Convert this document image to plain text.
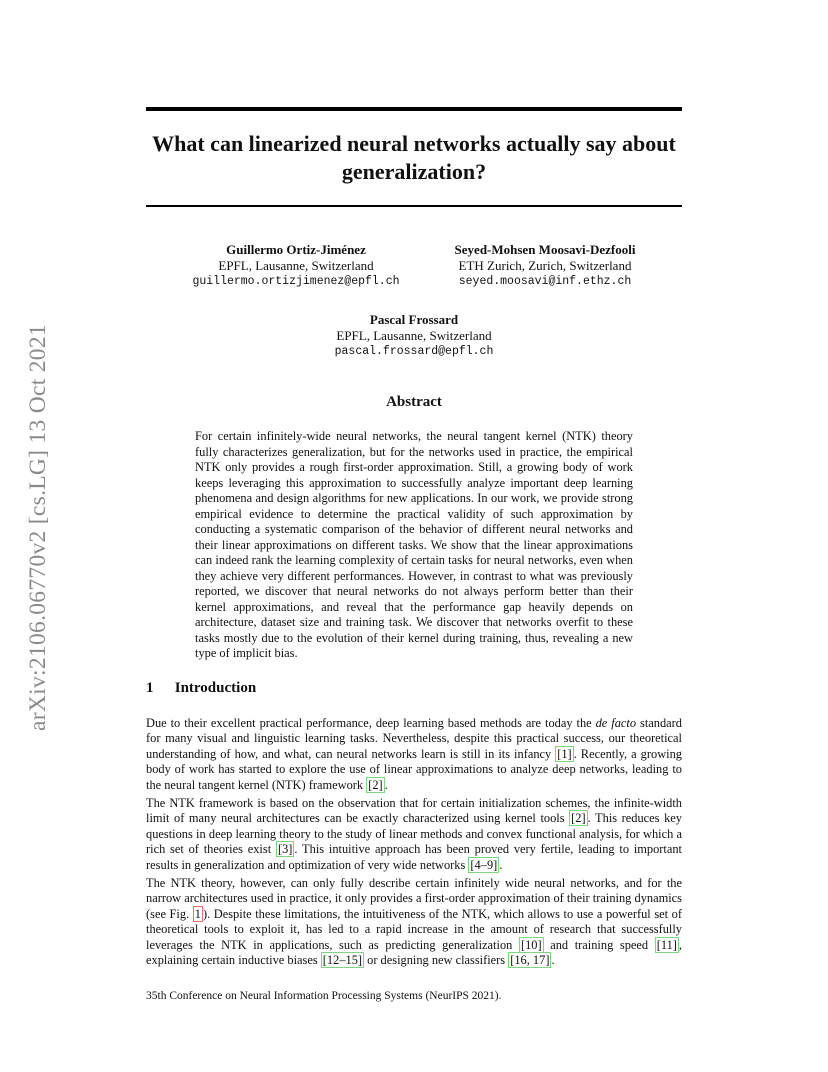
arXiv:2106.06770v2 [cs.LG] 13 Oct 2021
What can linearized neural networks actually say about generalization?
Guillermo Ortiz-Jiménez
EPFL, Lausanne, Switzerland
guillermo.ortizjimenez@epfl.ch
Seyed-Mohsen Moosavi-Dezfooli
ETH Zurich, Zurich, Switzerland
seyed.moosavi@inf.ethz.ch
Pascal Frossard
EPFL, Lausanne, Switzerland
pascal.frossard@epfl.ch
Abstract
For certain infinitely-wide neural networks, the neural tangent kernel (NTK) theory fully characterizes generalization, but for the networks used in practice, the empirical NTK only provides a rough first-order approximation. Still, a growing body of work keeps leveraging this approximation to successfully analyze important deep learning phenomena and design algorithms for new applications. In our work, we provide strong empirical evidence to determine the practical validity of such approximation by conducting a systematic comparison of the behavior of different neural networks and their linear approximations on different tasks. We show that the linear approximations can indeed rank the learning complexity of certain tasks for neural networks, even when they achieve very different performances. However, in contrast to what was previously reported, we discover that neural networks do not always perform better than their kernel approximations, and reveal that the performance gap heavily depends on architecture, dataset size and training task. We discover that networks overfit to these tasks mostly due to the evolution of their kernel during training, thus, revealing a new type of implicit bias.
1 Introduction
Due to their excellent practical performance, deep learning based methods are today the de facto standard for many visual and linguistic learning tasks. Nevertheless, despite this practical success, our theoretical understanding of how, and what, can neural networks learn is still in its infancy [1] . Recently, a growing body of work has started to explore the use of linear approximations to analyze deep networks, leading to the neural tangent kernel (NTK) framework [2] .
The NTK framework is based on the observation that for certain initialization schemes, the infinite-width limit of many neural architectures can be exactly characterized using kernel tools [2] . This reduces key questions in deep learning theory to the study of linear methods and convex functional analysis, for which a rich set of theories exist [3] . This intuitive approach has been proved very fertile, leading to important results in generalization and optimization of very wide networks [4–9] .
The NTK theory, however, can only fully describe certain infinitely wide neural networks, and for the narrow architectures used in practice, it only provides a first-order approximation of their training dynamics (see Fig. 1 ). Despite these limitations, the intuitiveness of the NTK, which allows to use a powerful set of theoretical tools to exploit it, has led to a rapid increase in the amount of research that successfully leverages the NTK in applications, such as predicting generalization [10] and training speed [11] , explaining certain inductive biases [12–15] or designing new classifiers [16, 17] .
35th Conference on Neural Information Processing Systems (NeurIPS 2021).
